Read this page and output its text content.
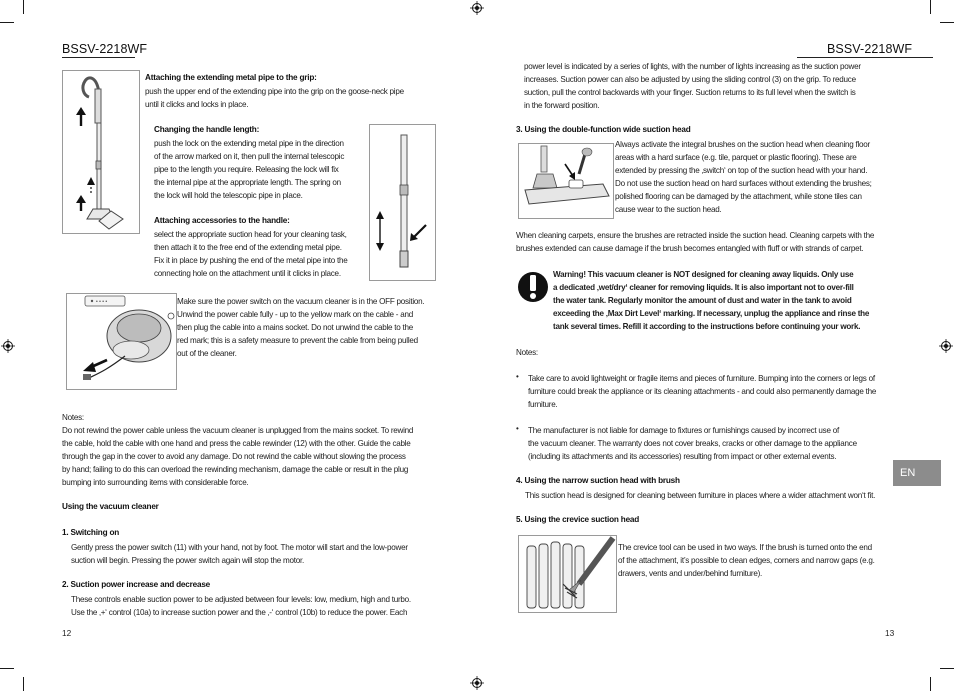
BSSV-2218WF
Attaching the extending metal pipe to the grip:
push the upper end of the extending pipe into the grip on the goose-neck pipe
until it clicks and locks in place.
Changing the handle length:
push the lock on the extending metal pipe in the direction
of the arrow marked on it, then pull the internal telescopic
pipe to the length you require. Releasing the lock will fix
the internal pipe at the appropriate length. The spring on
the lock will hold the telescopic pipe in place.
Attaching accessories to the handle:
select the appropriate suction head for your cleaning task,
then attach it to the free end of the extending metal pipe.
Fix it in place by pushing the end of the metal pipe into the
connecting hole on the attachment until it clicks in place.
• • • •	Make sure the power switch on the vacuum cleaner is in the OFF position.
Unwind the power cable fully - up to the yellow mark on the cable - and
then plug the cable into a mains socket. Do not unwind the cable to the
red mark; this is a safety measure to prevent the cable from being pulled
out of the cleaner.
Notes:
Do not rewind the power cable unless the vacuum cleaner is unplugged from the mains socket. To rewind
the cable, hold the cable with one hand and press the cable rewinder (12) with the other. Guide the cable
through the gap in the cover to avoid any damage. Do not rewind the cable without slowing the process
by hand; failing to do this can overload the rewinding mechanism, damage the cable or result in the plug
bumping into surrounding items with considerable force.
Using the vacuum cleaner
1. Switching on
Gently press the power switch (11) with your hand, not by foot. The motor will start and the low-power
suction will begin. Pressing the power switch again will stop the motor.
2. Suction power increase and decrease
These controls enable suction power to be adjusted between four levels: low, medium, high and turbo.
Use the ‚+‘ control (10a) to increase suction power and the ‚-‘ control (10b) to reduce the power. Each
12
BSSV-2218WF
power level is indicated by a series of lights, with the number of lights increasing as the suction power
increases. Suction power can also be adjusted by using the sliding control (3) on the grip. To reduce
suction, pull the control backwards with your finger. Suction returns to its full level when the switch is
in the forward position.
3. Using the double-function wide suction head
Always activate the integral brushes on the suction head when cleaning floor
areas with a hard surface (e.g. tile, parquet or plastic flooring). These are
extended by pressing the ‚switch‘ on top of the suction head with your hand.
Do not use the suction head on hard surfaces without extending the brushes;
polished flooring can be damaged by the attachment, while stone tiles can
cause wear to the suction head.
When cleaning carpets, ensure the brushes are retracted inside the suction head. Cleaning carpets with the
brushes extended can cause damage if the brush becomes entangled with fluff or with strands of carpet.
Warning! This vacuum cleaner is NOT designed for cleaning away liquids. Only use
a dedicated ‚wet/dry‘ cleaner for removing liquids. It is also important not to over-fill
the water tank. Regularly monitor the amount of dust and water in the tank to avoid
exceeding the ‚Max Dirt Level‘ marking. If necessary, unplug the appliance and rinse the
tank several times. Refill it according to the instructions before continuing your work.
Notes:
• Take care to avoid lightweight or fragile items and pieces of furniture. Bumping into the corners or legs of
furniture could break the appliance or its cleaning attachments - and could also permanently damage the
furniture.
• The manufacturer is not liable for damage to fixtures or furnishings caused by incorrect use of
the vacuum cleaner. The warranty does not cover breaks, cracks or other damage to the appliance
(including its attachments and its accessories) resulting from impact or other external events.
4. Using the narrow suction head with brush
This suction head is designed for cleaning between furniture in places where a wider attachment won‘t fit.
5. Using the crevice suction head
The crevice tool can be used in two ways. If the brush is turned onto the end
of the attachment, it’s possible to clean edges, corners and narrow gaps (e.g.
drawers, vents and under/behind furniture).
EN
13
